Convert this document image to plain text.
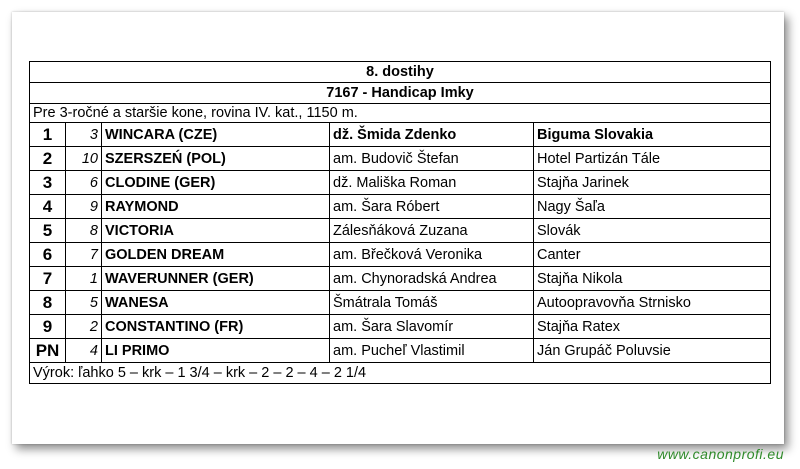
8. dostihy				
7167 - Handicap Imky				
Pre 3-ročné a staršie kone, rovina IV. kat., 1150 m.				
1	3	WINCARA (CZE)	dž. Šmida Zdenko	Biguma Slovakia
2	10	SZERSZEŃ (POL)	am. Budovič Štefan	Hotel Partizán Tále
3	6	CLODINE (GER)	dž. Mališka Roman	Stajňa Jarinek
4	9	RAYMOND	am. Šara Róbert	Nagy Šaľa
5	8	VICTORIA	Zálesňáková Zuzana	Slovák
6	7	GOLDEN DREAM	am. Břečková Veronika	Canter
7	1	WAVERUNNER (GER)	am. Chynoradská Andrea	Stajňa Nikola
8	5	WANESA	Šmátrala Tomáš	Autoopravovňa Strnisko
9	2	CONSTANTINO (FR)	am. Šara Slavomír	Stajňa Ratex
PN	4	LI PRIMO	am. Pucheľ Vlastimil	Ján Grupáč Poluvsie
Výrok: ľahko 5 – krk – 1 3/4 – krk – 2 – 2 – 4 – 2 1/4				
www.canonprofi.eu
